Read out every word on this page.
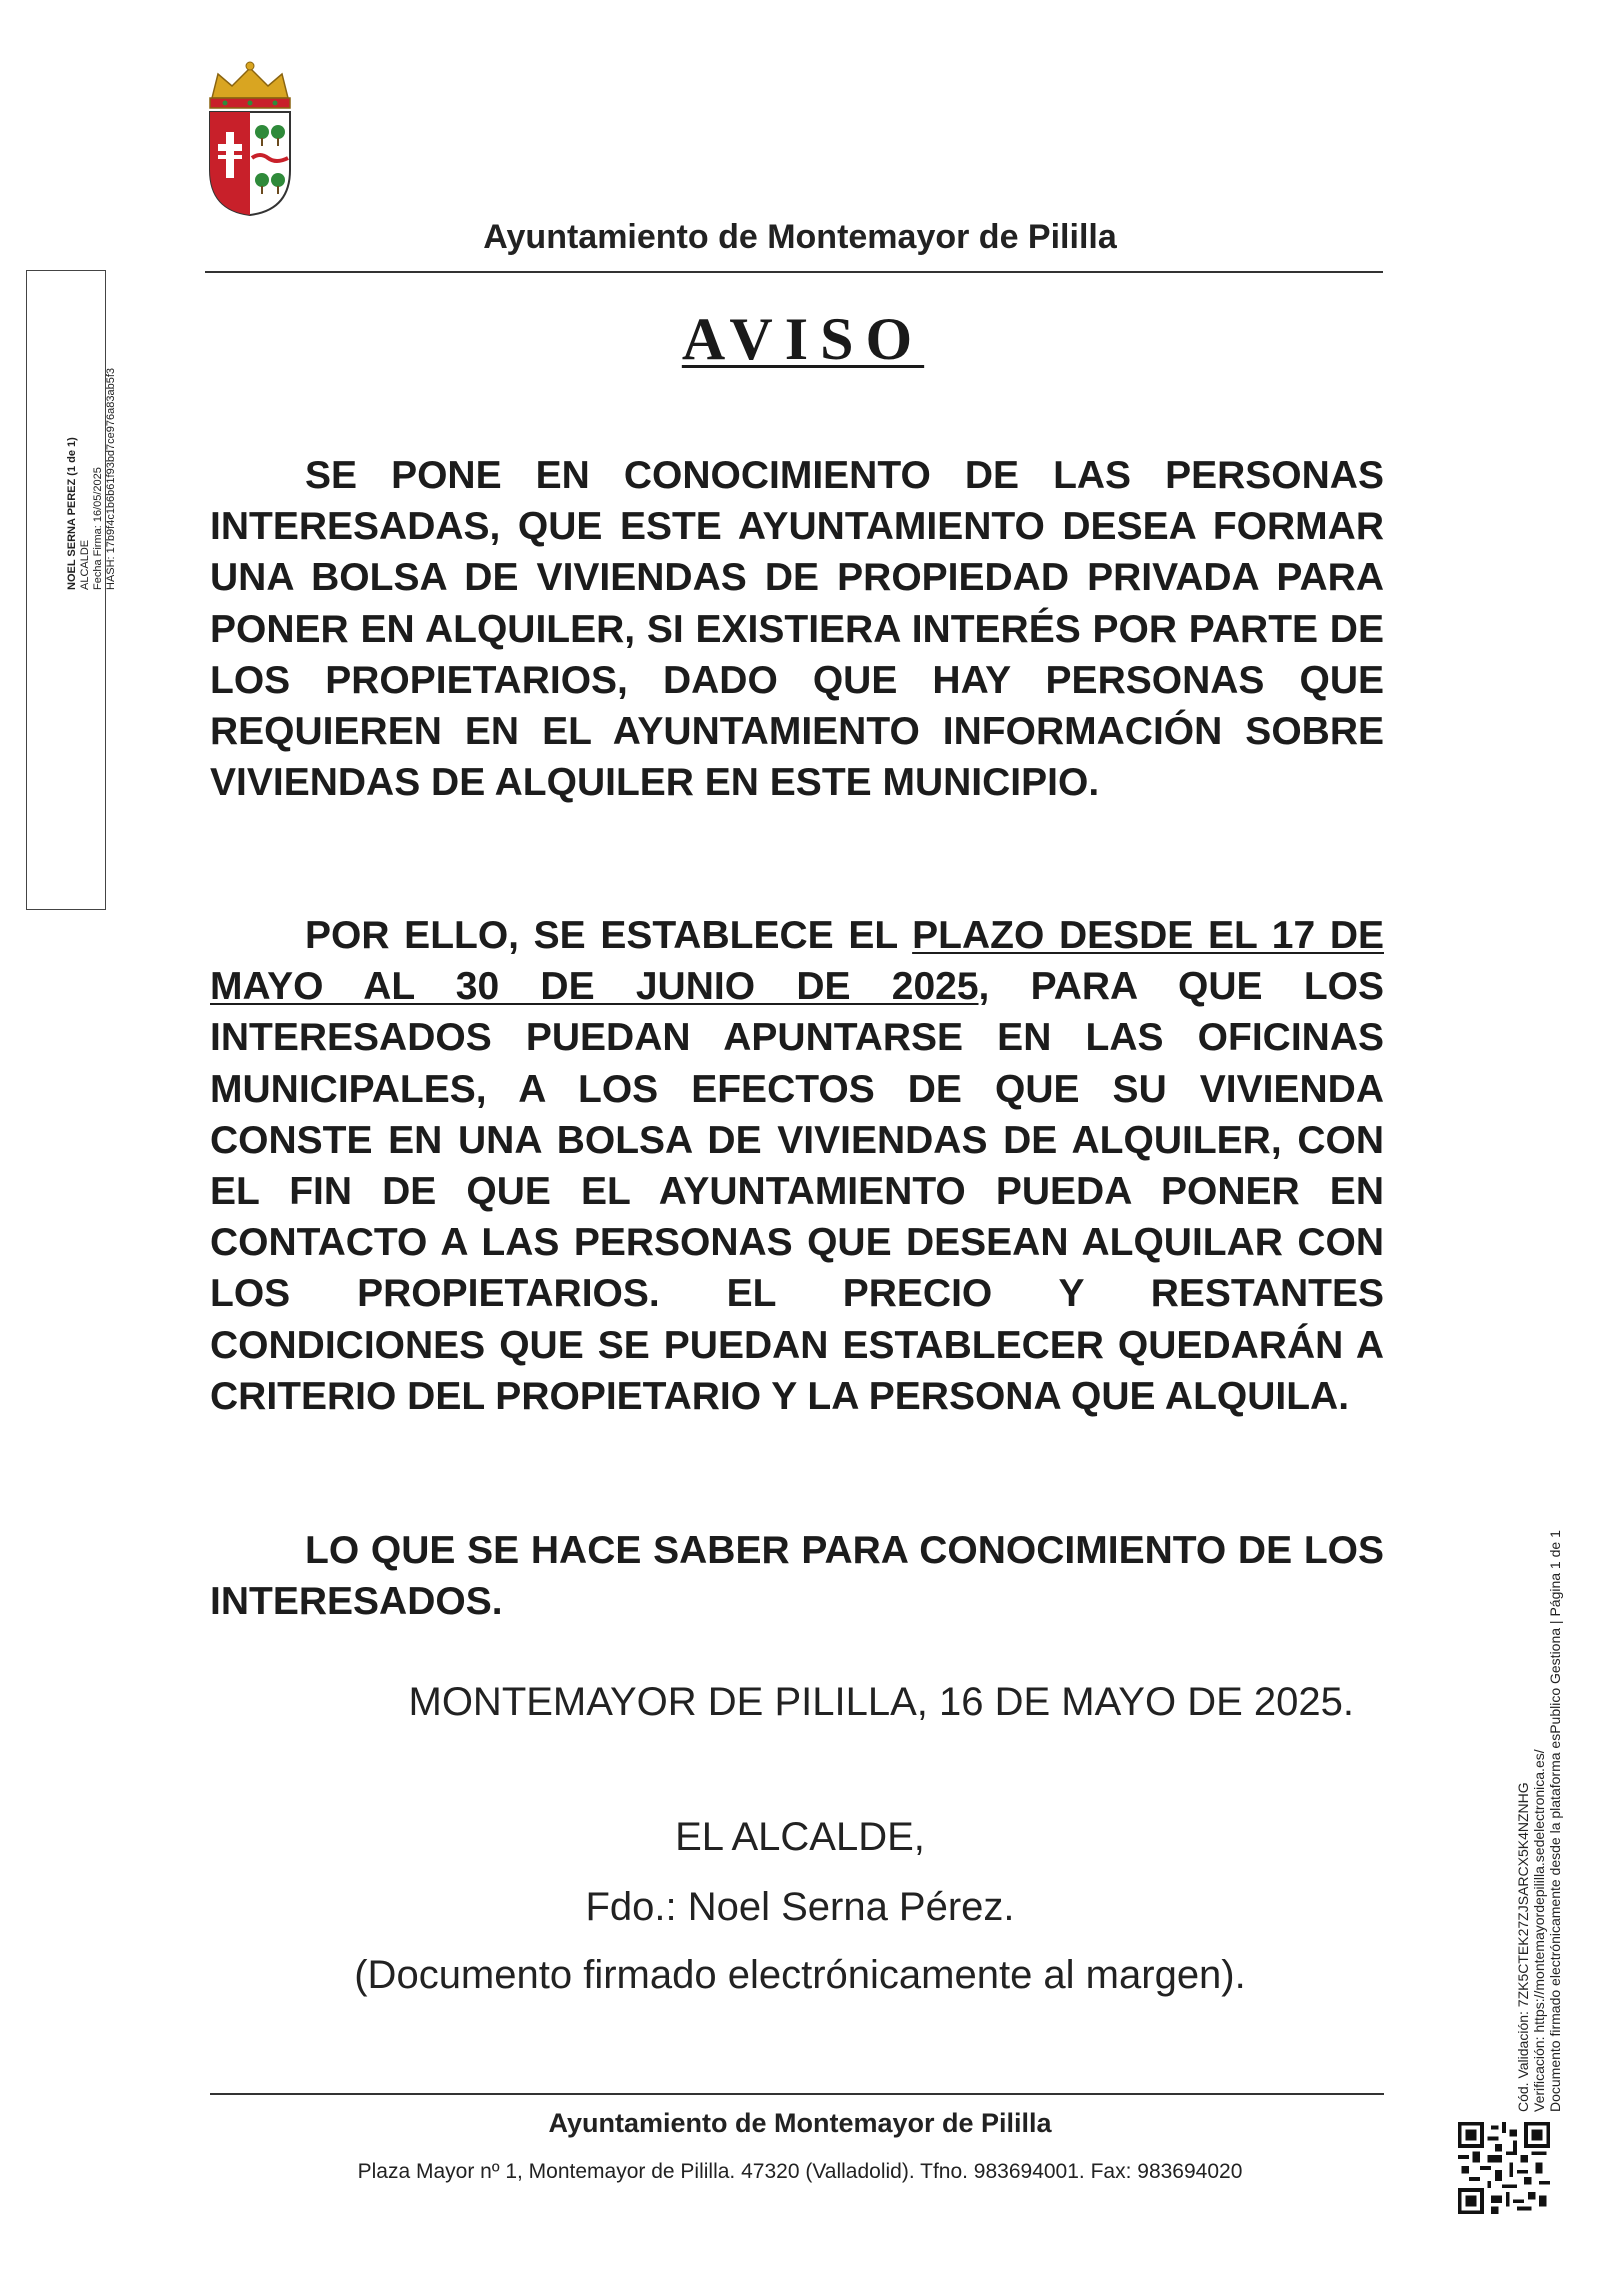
Ayuntamiento de Montemayor de Pililla
AVISO
SE PONE EN CONOCIMIENTO DE LAS PERSONAS INTERESADAS, QUE ESTE AYUNTAMIENTO DESEA FORMAR UNA BOLSA DE VIVIENDAS DE PROPIEDAD PRIVADA PARA PONER EN ALQUILER, SI EXISTIERA INTERÉS POR PARTE DE LOS PROPIETARIOS, DADO QUE HAY PERSONAS QUE REQUIEREN EN EL AYUNTAMIENTO INFORMACIÓN SOBRE VIVIENDAS DE ALQUILER EN ESTE MUNICIPIO.
POR ELLO, SE ESTABLECE EL PLAZO DESDE EL 17 DE MAYO AL 30 DE JUNIO DE 2025, PARA QUE LOS INTERESADOS PUEDAN APUNTARSE EN LAS OFICINAS MUNICIPALES, A LOS EFECTOS DE QUE SU VIVIENDA CONSTE EN UNA BOLSA DE VIVIENDAS DE ALQUILER, CON EL FIN DE QUE EL AYUNTAMIENTO PUEDA PONER EN CONTACTO A LAS PERSONAS QUE DESEAN ALQUILAR CON LOS PROPIETARIOS. EL PRECIO Y RESTANTES CONDICIONES QUE SE PUEDAN ESTABLECER QUEDARÁN A CRITERIO DEL PROPIETARIO Y LA PERSONA QUE ALQUILA.
LO QUE SE HACE SABER PARA CONOCIMIENTO DE LOS INTERESADOS.
MONTEMAYOR DE PILILLA, 16 DE MAYO DE 2025.
EL ALCALDE,
Fdo.: Noel Serna Pérez.
(Documento firmado electrónicamente al margen).
Ayuntamiento de Montemayor de Pililla
Plaza Mayor nº 1, Montemayor de Pililla. 47320 (Valladolid). Tfno. 983694001. Fax: 983694020
NOEL SERNA PEREZ (1 de 1) ALCALDE Fecha Firma: 16/05/2025 HASH: 17b9f4c1b6b61f93bd7ce976a83ab5f3
Cód. Validación: 7ZK5CTEK27ZJSARCX5K4NZNHG Verificación: https://montemayordepililla.sedelectronica.es/ Documento firmado electrónicamente desde la plataforma esPublico Gestiona | Página 1 de 1
